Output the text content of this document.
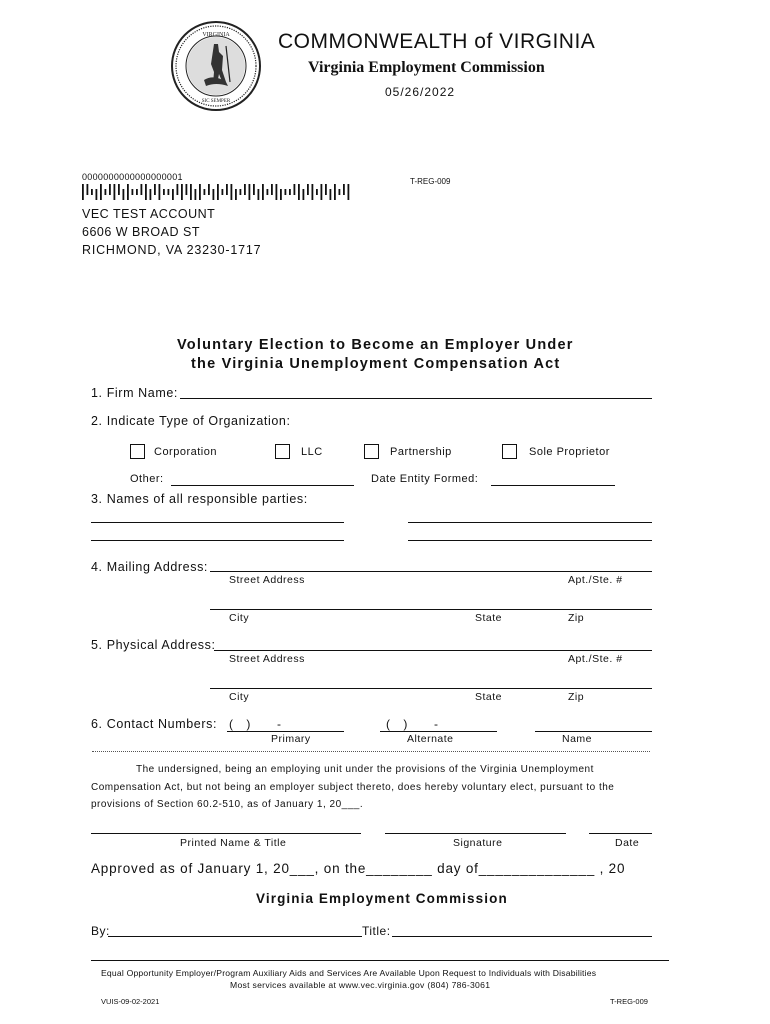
VIRGINIA
SIC SEMPER
COMMONWEALTH of VIRGINIA
Virginia Employment Commission
05/26/2022
0000000000000000001	T-REG-009
VEC TEST ACCOUNT
6606 W BROAD ST
RICHMOND, VA 23230-1717
Voluntary Election to Become an Employer Under
the Virginia Unemployment Compensation Act
1. Firm Name:
2. Indicate Type of Organization:
Corporation	LLC	Partnership	Sole Proprietor
Other:	Date Entity Formed:
3. Names of all responsible parties:
4. Mailing Address:
Street Address	Apt./Ste. #
City	State	Zip
5. Physical Address:
Street Address	Apt./Ste. #
City	State	Zip
6. Contact Numbers: (    )        -	(    )        -
Primary	Alternate	Name
The undersigned, being an employing unit under the provisions of the Virginia Unemployment
Compensation Act, but not being an employer subject thereto, does hereby voluntary elect, pursuant to the
provisions of Section 60.2-510, as of January 1, 20___.
Printed Name & Title	Signature	Date
Approved as of January 1, 20___, on the________ day of______________ , 20
Virginia Employment Commission
By:	Title:
Equal Opportunity Employer/Program Auxiliary Aids and Services Are Available Upon Request to Individuals with Disabilities
Most services available at www.vec.virginia.gov (804) 786-3061
VUIS-09-02-2021	T-REG-009
